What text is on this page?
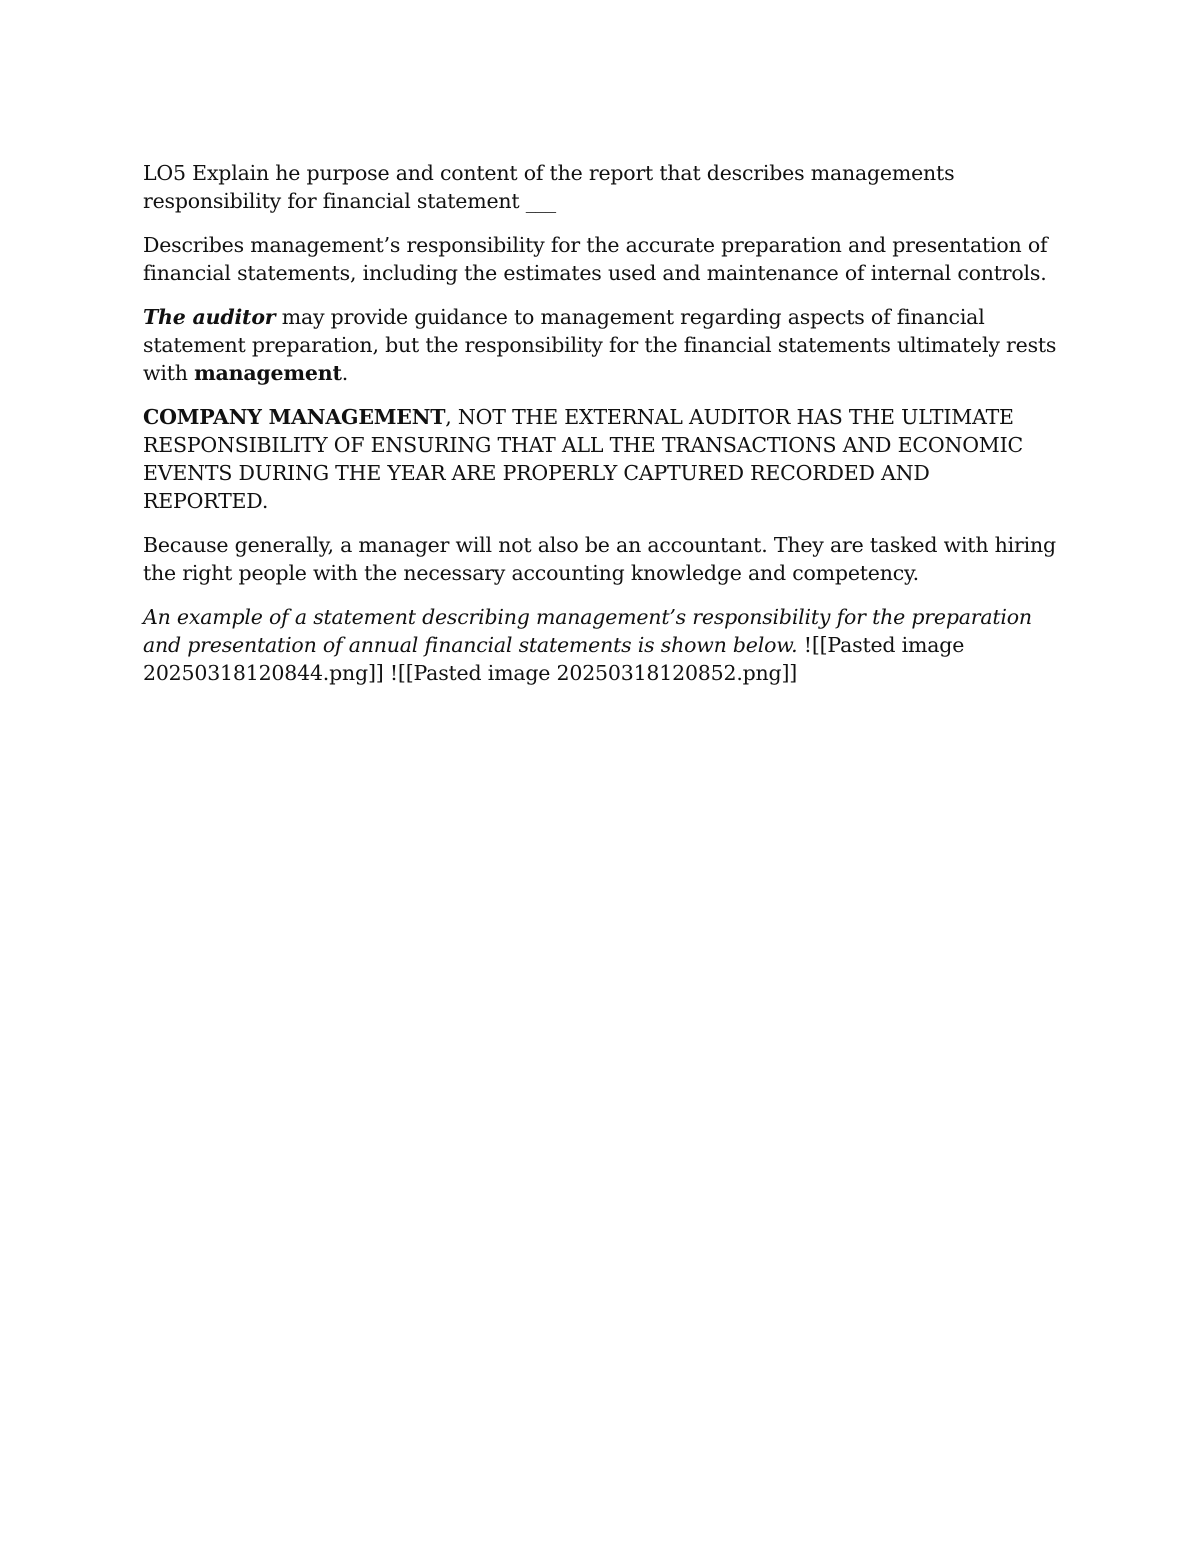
LO5 Explain he purpose and content of the report that describes managements responsibility for financial statement ___

Describes management’s responsibility for the accurate preparation and presentation of financial statements, including the estimates used and maintenance of internal controls.

The auditor may provide guidance to management regarding aspects of financial statement preparation, but the responsibility for the financial statements ultimately rests with management.

COMPANY MANAGEMENT, NOT THE EXTERNAL AUDITOR HAS THE ULTIMATE RESPONSIBILITY OF ENSURING THAT ALL THE TRANSACTIONS AND ECONOMIC EVENTS DURING THE YEAR ARE PROPERLY CAPTURED RECORDED AND REPORTED.

Because generally, a manager will not also be an accountant. They are tasked with hiring the right people with the necessary accounting knowledge and competency.

An example of a statement describing management’s responsibility for the preparation and presentation of annual financial statements is shown below. ![[Pasted image 20250318120844.png]] ![[Pasted image 20250318120852.png]]
